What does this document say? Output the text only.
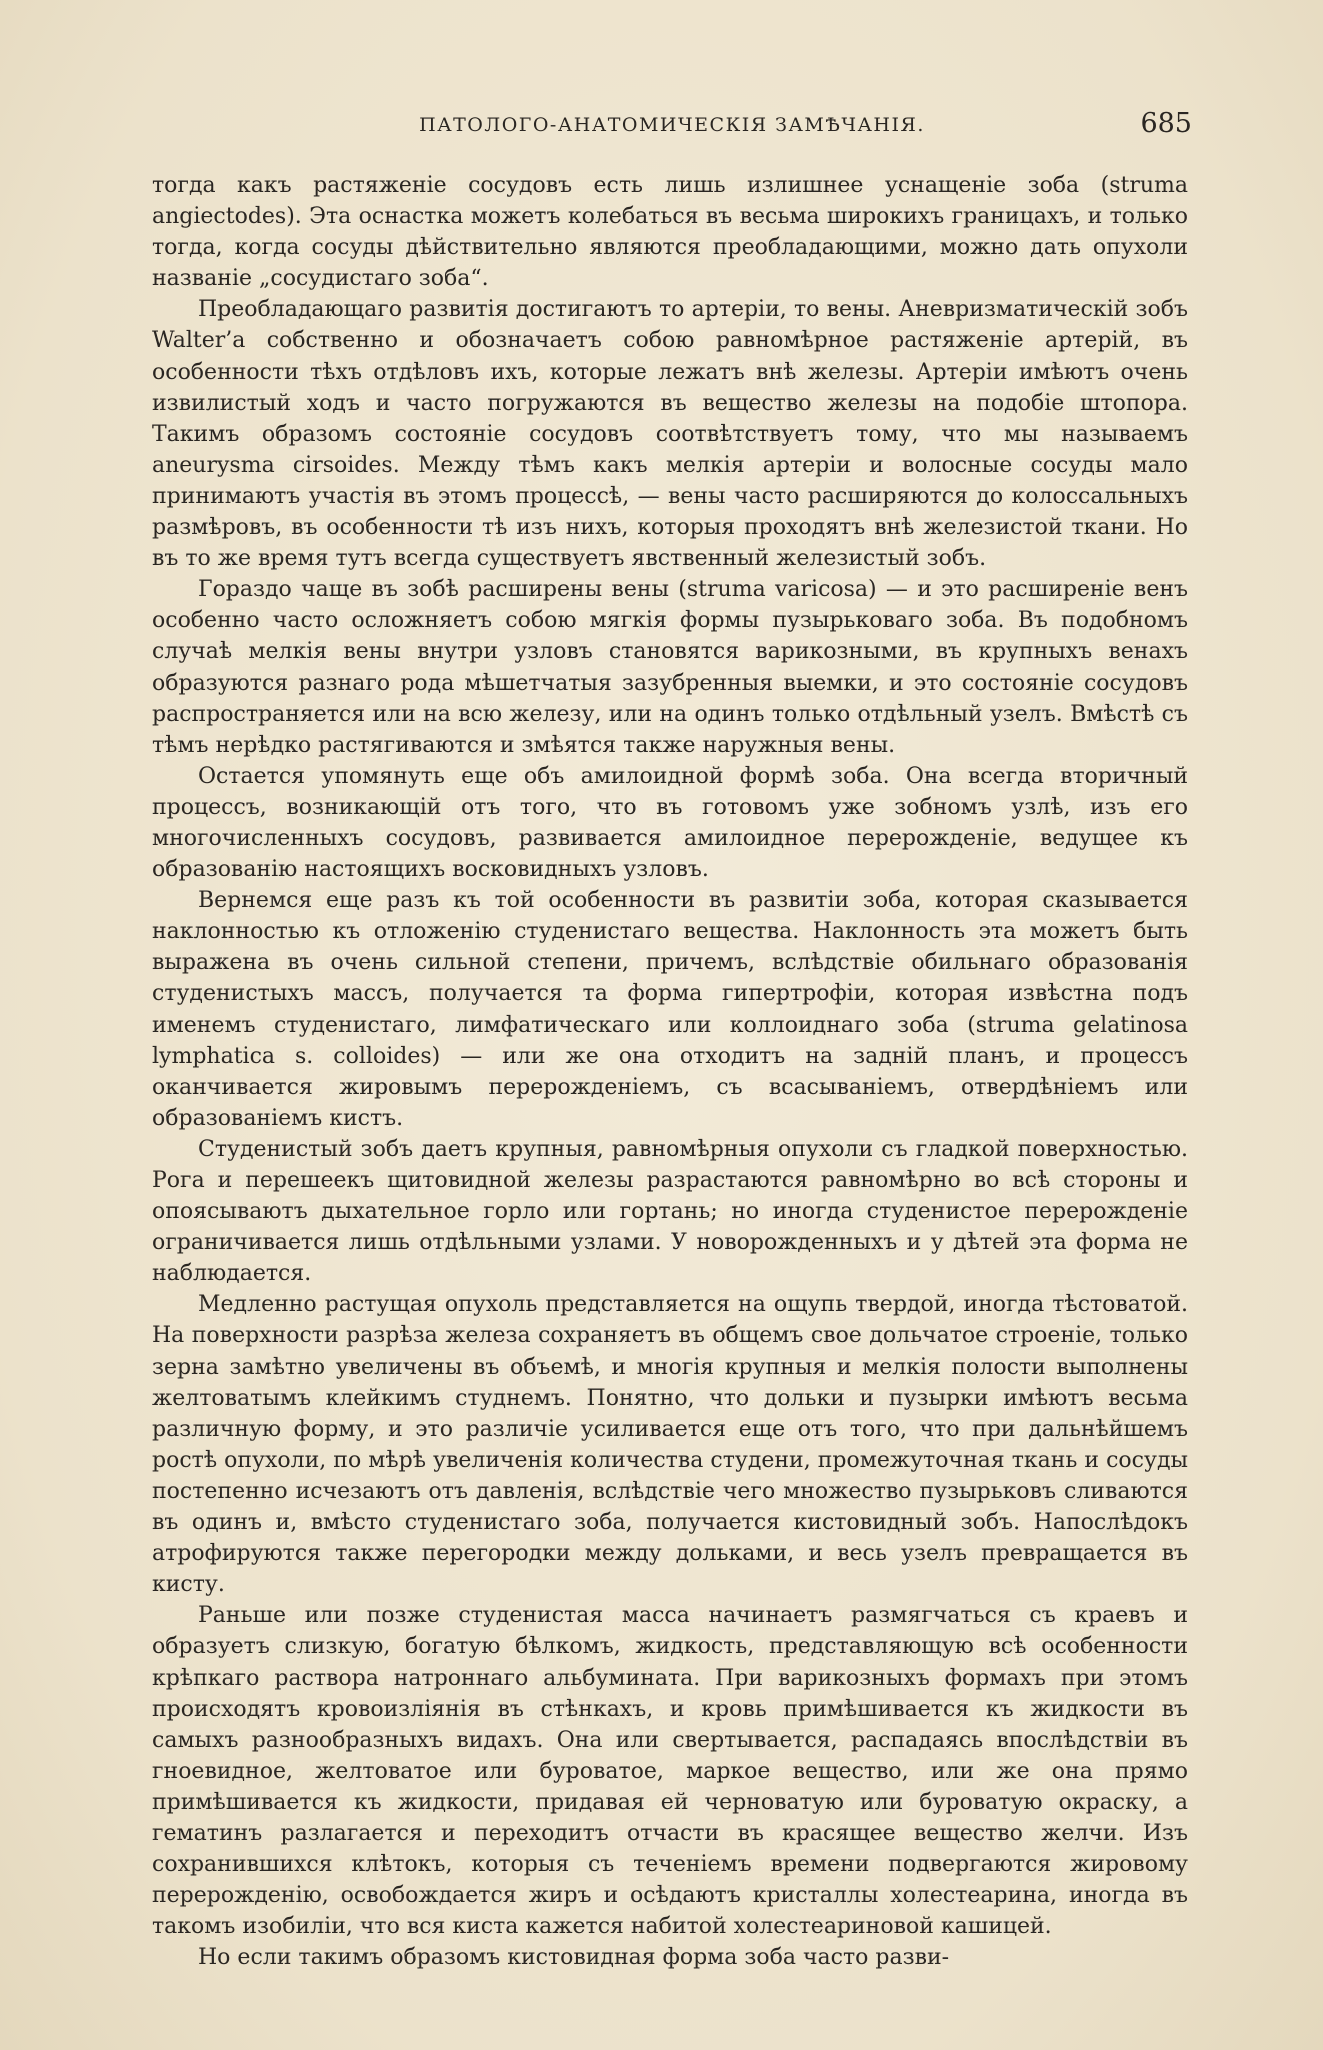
ПАТОЛОГО-АНАТОМИЧЕСКІЯ ЗАМѢЧАНІЯ.	685

тогда какъ растяженіе сосудовъ есть лишь излишнее уснащеніе зоба (struma angiectodes). Эта оснастка можетъ колебаться въ весьма широкихъ границахъ, и только тогда, когда сосуды дѣйствительно являются преобладающими, можно дать опухоли названіе „сосудистаго зоба“.

Преобладающаго развитія достигаютъ то артеріи, то вены. Аневризматическій зобъ Walter’a собственно и обозначаетъ собою равномѣрное растяженіе артерій, въ особенности тѣхъ отдѣловъ ихъ, которые лежатъ внѣ железы. Артеріи имѣютъ очень извилистый ходъ и часто погружаются въ вещество железы на подобіе штопора. Такимъ образомъ состояніе сосудовъ соотвѣтствуетъ тому, что мы называемъ aneurysma cirsoides. Между тѣмъ какъ мелкія артеріи и волосные сосуды мало принимаютъ участія въ этомъ процессѣ, — вены часто расширяются до колоссальныхъ размѣровъ, въ особенности тѣ изъ нихъ, которыя проходятъ внѣ железистой ткани. Но въ то же время тутъ всегда существуетъ явственный железистый зобъ.

Гораздо чаще въ зобѣ расширены вены (struma varicosa) — и это расширеніе венъ особенно часто осложняетъ собою мягкія формы пузырьковаго зоба. Въ подобномъ случаѣ мелкія вены внутри узловъ становятся варикозными, въ крупныхъ венахъ образуются разнаго рода мѣшетчатыя зазубренныя выемки, и это состояніе сосудовъ распространяется или на всю железу, или на одинъ только отдѣльный узелъ. Вмѣстѣ съ тѣмъ нерѣдко растягиваются и змѣятся также наружныя вены.

Остается упомянуть еще объ амилоидной формѣ зоба. Она всегда вторичный процессъ, возникающій отъ того, что въ готовомъ уже зобномъ узлѣ, изъ его многочисленныхъ сосудовъ, развивается амилоидное перерожденіе, ведущее къ образованію настоящихъ восковидныхъ узловъ.

Вернемся еще разъ къ той особенности въ развитіи зоба, которая сказывается наклонностью къ отложенію студенистаго вещества. Наклонность эта можетъ быть выражена въ очень сильной степени, причемъ, вслѣдствіе обильнаго образованія студенистыхъ массъ, получается та форма гипертрофіи, которая извѣстна подъ именемъ студенистаго, лимфатическаго или коллоиднаго зоба (struma gelatinosa lymphatica s. colloides) — или же она отходитъ на задній планъ, и процессъ оканчивается жировымъ перерожденіемъ, съ всасываніемъ, отвердѣніемъ или образованіемъ кистъ.

Студенистый зобъ даетъ крупныя, равномѣрныя опухоли съ гладкой поверхностью. Рога и перешеекъ щитовидной железы разрастаются равномѣрно во всѣ стороны и опоясываютъ дыхательное горло или гортань; но иногда студенистое перерожденіе ограничивается лишь отдѣльными узлами. У новорожденныхъ и у дѣтей эта форма не наблюдается.

Медленно растущая опухоль представляется на ощупь твердой, иногда тѣстоватой. На поверхности разрѣза железа сохраняетъ въ общемъ свое дольчатое строеніе, только зерна замѣтно увеличены въ объемѣ, и многія крупныя и мелкія полости выполнены желтоватымъ клейкимъ студнемъ. Понятно, что дольки и пузырки имѣютъ весьма различную форму, и это различіе усиливается еще отъ того, что при дальнѣйшемъ ростѣ опухоли, по мѣрѣ увеличенія количества студени, промежуточная ткань и сосуды постепенно исчезаютъ отъ давленія, вслѣдствіе чего множество пузырьковъ сливаются въ одинъ и, вмѣсто студенистаго зоба, получается кистовидный зобъ. Напослѣдокъ атрофируются также перегородки между дольками, и весь узелъ превращается въ кисту.

Раньше или позже студенистая масса начинаетъ размягчаться съ краевъ и образуетъ слизкую, богатую бѣлкомъ, жидкость, представляющую всѣ особенности крѣпкаго раствора натроннаго альбумината. При варикозныхъ формахъ при этомъ происходятъ кровоизліянія въ стѣнкахъ, и кровь примѣшивается къ жидкости въ самыхъ разнообразныхъ видахъ. Она или свертывается, распадаясь впослѣдствіи въ гноевидное, желтоватое или буроватое, маркое вещество, или же она прямо примѣшивается къ жидкости, придавая ей черноватую или буроватую окраску, а гематинъ разлагается и переходитъ отчасти въ красящее вещество желчи. Изъ сохранившихся клѣтокъ, которыя съ теченіемъ времени подвергаются жировому перерожденію, освобождается жиръ и осѣдаютъ кристаллы холестеарина, иногда въ такомъ изобиліи, что вся киста кажется набитой холестеариновой кашицей.

Но если такимъ образомъ кистовидная форма зоба часто разви-
